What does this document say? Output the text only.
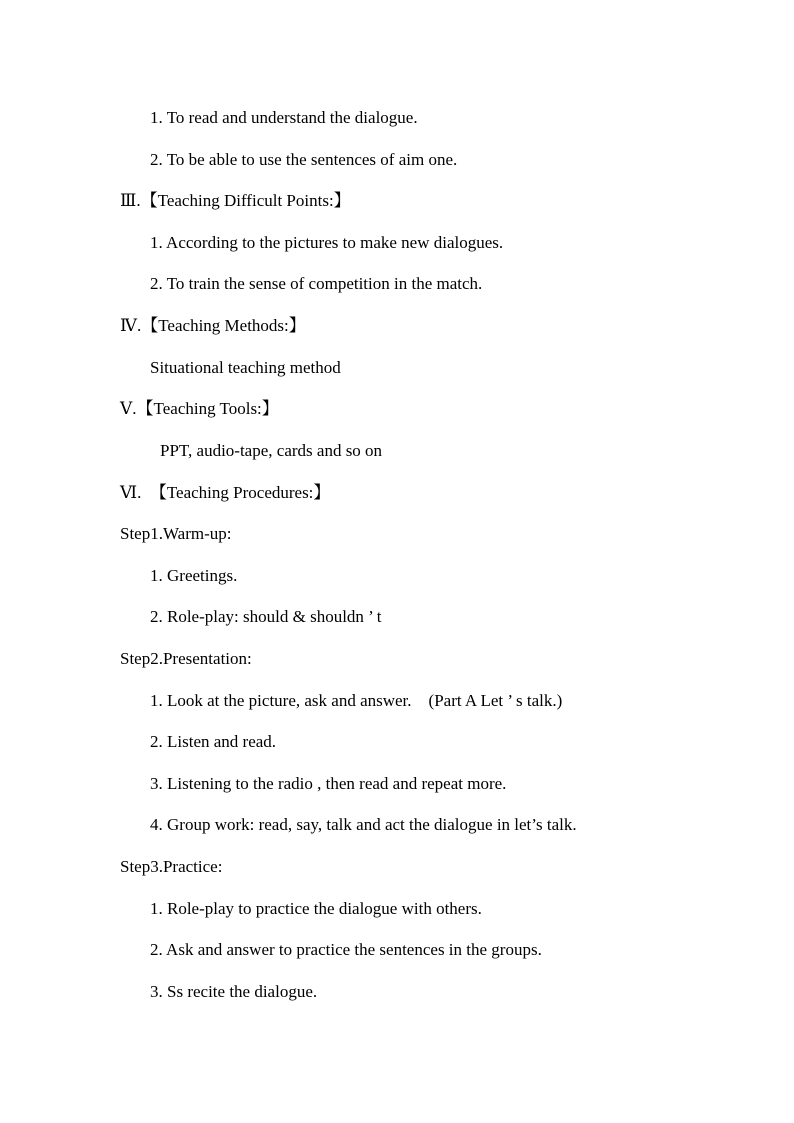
1. To read and understand the dialogue.
2. To be able to use the sentences of aim one.
Ⅲ.【Teaching Difficult Points:】
1. According to the pictures to make new dialogues.
2. To train the sense of competition in the match.
Ⅳ.【Teaching Methods:】
Situational teaching method
Ⅴ.【Teaching Tools:】
PPT, audio-tape, cards and so on
Ⅵ.  【Teaching Procedures:】
Step1.Warm-up:
1. Greetings.
2. Role-play: should & shouldn ’ t
Step2.Presentation:
1. Look at the picture, ask and answer.    (Part A Let ’ s talk.)
2. Listen and read.
3. Listening to the radio , then read and repeat more.
4. Group work: read, say, talk and act the dialogue in let’s talk.
Step3.Practice:
1. Role-play to practice the dialogue with others.
2. Ask and answer to practice the sentences in the groups.
3. Ss recite the dialogue.
